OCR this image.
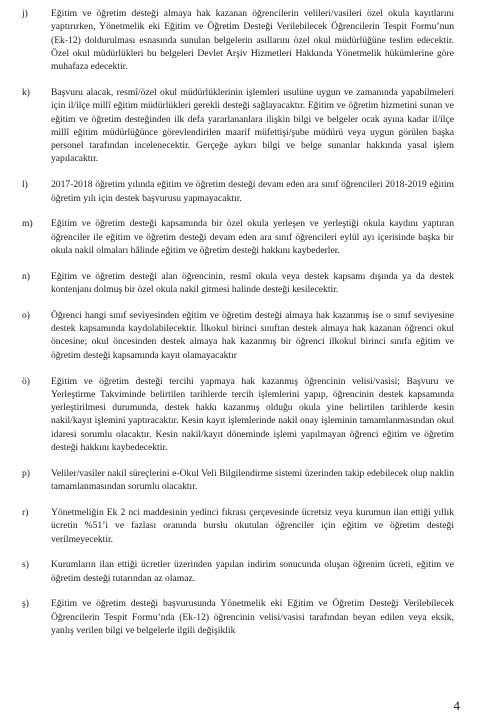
j)	Eğitim ve öğretim desteği almaya hak kazanan öğrencilerin velileri/vasileri özel okula kayıtlarını yaptırırken, Yönetmelik eki Eğitim ve Öğretim Desteği Verilebilecek Öğrencilerin Tespit Formu’nun (Ek-12) doldurulması esnasında sunulan belgelerin asıllarını özel okul müdürlüğüne teslim edecektir. Özel okul müdürlükleri bu belgeleri Devlet Arşiv Hizmetleri Hakkında Yönetmelik hükümlerine göre muhafaza edecektir.

k)	Başvuru alacak, resmî/özel okul müdürlüklerinin işlemleri usulüne uygun ve zamanında yapabilmeleri için il/ilçe millî eğitim müdürlükleri gerekli desteği sağlayacaktır. Eğitim ve öğretim hizmetini sunan ve eğitim ve öğretim desteğinden ilk defa yararlananlara ilişkin bilgi ve belgeler ocak ayına kadar il/ilçe millî eğitim müdürlüğünce görevlendirilen maarif müfettişi/şube müdürü veya uygun görülen başka personel tarafından incelenecektir. Gerçeğe aykırı bilgi ve belge sunanlar hakkında yasal işlem yapılacaktır.

l)	2017-2018 öğretim yılında eğitim ve öğretim desteği devam eden ara sınıf öğrencileri 2018-2019 eğitim öğretim yılı için destek başvurusu yapmayacaktır.

m)	Eğitim ve öğretim desteği kapsamında bir özel okula yerleşen ve yerleştiği okula kaydını yaptıran öğrenciler ile eğitim ve öğretim desteği devam eden ara sınıf öğrencileri eylül ayı içerisinde başka bir okula nakil olmaları hâlinde eğitim ve öğretim desteği hakkını kaybederler.

n)	Eğitim ve öğretim desteği alan öğrencinin, resmî okula veya destek kapsamı dışında ya da destek kontenjanı dolmuş bir özel okula nakil gitmesi halinde desteği kesilecektir.

o)	Öğrenci hangi sınıf seviyesinden eğitim ve öğretim desteği almaya hak kazanmış ise o sınıf seviyesine destek kapsamında kaydolabilecektir. İlkokul birinci sınıftan destek almaya hak kazanan öğrenci okul öncesine; okul öncesinden destek almaya hak kazanmış bir öğrenci ilkokul birinci sınıfa eğitim ve öğretim desteği kapsamında kayıt olamayacaktır

ö)	Eğitim ve öğretim desteği tercihi yapmaya hak kazanmış öğrencinin velisi/vasisi; Başvuru ve Yerleştirme Takviminde belirtilen tarihlerde tercih işlemlerini yapıp, öğrencinin destek kapsamında yerleştirilmesi durumunda, destek hakkı kazanmış olduğu okula yine belirtilen tarihlerde kesin nakil/kayıt işlemini yaptıracaktır. Kesin kayıt işlemlerinde nakil onay işleminin tamamlanmasından okul idaresi sorumlu olacaktır. Kesin nakil/kayıt döneminde işlemi yapılmayan öğrenci eğitim ve öğretim desteği hakkını kaybedecektir.

p)	Veliler/vasiler nakil süreçlerini e-Okul Veli Bilgilendirme sistemi üzerinden takip edebilecek olup naklin tamamlanmasından sorumlu olacaktır.

r)	Yönetmeliğin Ek 2 nci maddesinin yedinci fıkrası çerçevesinde ücretsiz veya kurumun ilan ettiği yıllık ücretin %51’i ve fazlası oranında burslu okutulan öğrenciler için eğitim ve öğretim desteği verilmeyecektir.

s)	Kurumların ilan ettiği ücretler üzerinden yapılan indirim sonucunda oluşan öğrenim ücreti, eğitim ve öğretim desteği tutarından az olamaz.

ş)	Eğitim ve öğretim desteği başvurusunda Yönetmelik eki Eğitim ve Öğretim Desteği Verilebilecek Öğrencilerin Tespit Formu’nda (Ek-12) öğrencinin velisi/vasisi tarafından beyan edilen veya eksik, yanlış verilen bilgi ve belgelerle ilgili değişiklik

4
